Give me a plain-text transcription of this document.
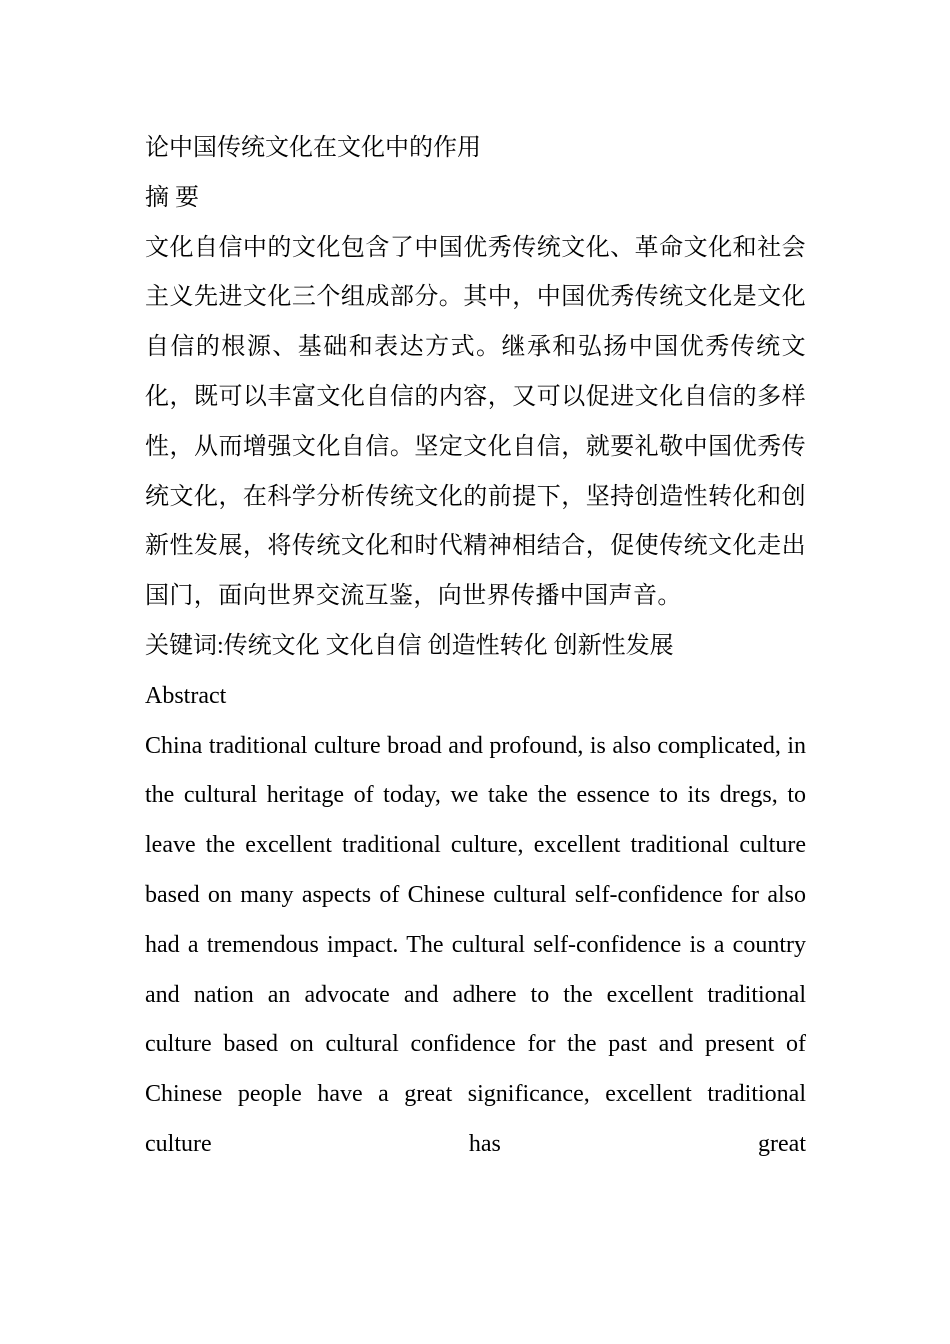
论中国传统文化在文化中的作用

摘 要

文化自信中的文化包含了中国优秀传统文化、革命文化和社会主义先进文化三个组成部分。其中，中国优秀传统文化是文化自信的根源、基础和表达方式。继承和弘扬中国优秀传统文化，既可以丰富文化自信的内容，又可以促进文化自信的多样性，从而增强文化自信。坚定文化自信，就要礼敬中国优秀传统文化，在科学分析传统文化的前提下，坚持创造性转化和创新性发展，将传统文化和时代精神相结合，促使传统文化走出国门，面向世界交流互鉴，向世界传播中国声音。

关键词:传统文化 文化自信 创造性转化 创新性发展

Abstract

China traditional culture broad and profound, is also complicated, in the cultural heritage of today, we take the essence to its dregs, to leave the excellent traditional culture, excellent traditional culture based on many aspects of Chinese cultural self-confidence for also had a tremendous impact. The cultural self-confidence is a country and nation an advocate and adhere to the excellent traditional culture based on cultural confidence for the past and present of Chinese people have a great significance, excellent traditional culture has great
